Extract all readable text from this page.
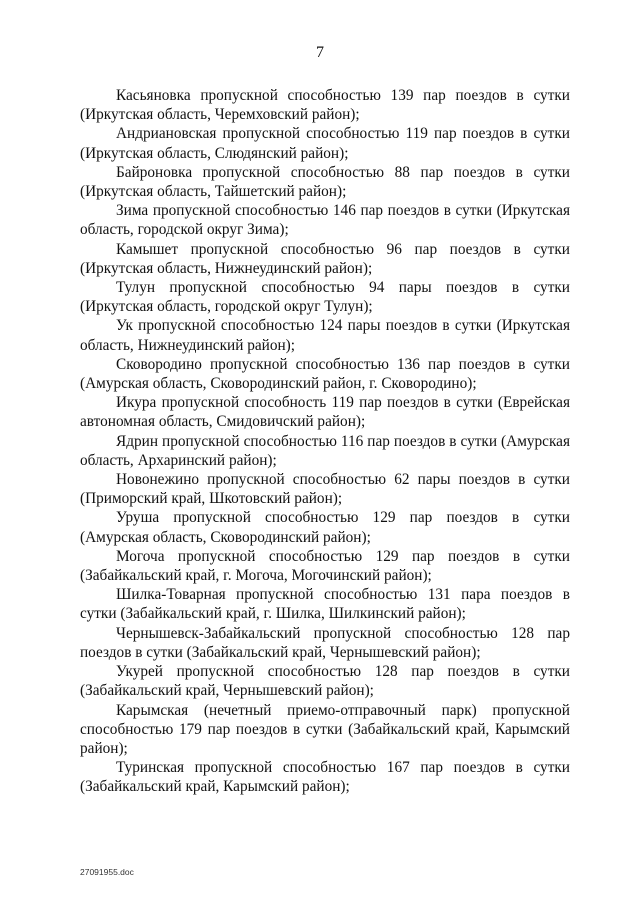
7

Касьяновка пропускной способностью 139 пар поездов в сутки (Иркутская область, Черемховский район);

Андриановская пропускной способностью 119 пар поездов в сутки (Иркутская область, Слюдянский район);

Байроновка пропускной способностью 88 пар поездов в сутки (Иркутская область, Тайшетский район);

Зима пропускной способностью 146 пар поездов в сутки (Иркутская область, городской округ Зима);

Камышет пропускной способностью 96 пар поездов в сутки (Иркутская область, Нижнеудинский район);

Тулун пропускной способностью 94 пары поездов в сутки (Иркутская область, городской округ Тулун);

Ук пропускной способностью 124 пары поездов в сутки (Иркутская область, Нижнеудинский район);

Сковородино пропускной способностью 136 пар поездов в сутки (Амурская область, Сковородинский район, г. Сковородино);

Икура пропускной способность 119 пар поездов в сутки (Еврейская автономная область, Смидовичский район);

Ядрин пропускной способностью 116 пар поездов в сутки (Амурская область, Архаринский район);

Новонежино пропускной способностью 62 пары поездов в сутки (Приморский край, Шкотовский район);

Уруша пропускной способностью 129 пар поездов в сутки (Амурская область, Сковородинский район);

Могоча пропускной способностью 129 пар поездов в сутки (Забайкальский край, г. Могоча, Могочинский район);

Шилка-Товарная пропускной способностью 131 пара поездов в сутки (Забайкальский край, г. Шилка, Шилкинский район);

Чернышевск-Забайкальский пропускной способностью 128 пар поездов в сутки (Забайкальский край, Чернышевский район);

Укурей пропускной способностью 128 пар поездов в сутки (Забайкальский край, Чернышевский район);

Карымская (нечетный приемо-отправочный парк) пропускной способностью 179 пар поездов в сутки (Забайкальский край, Карымский район);

Туринская пропускной способностью 167 пар поездов в сутки (Забайкальский край, Карымский район);

27091955.doc
